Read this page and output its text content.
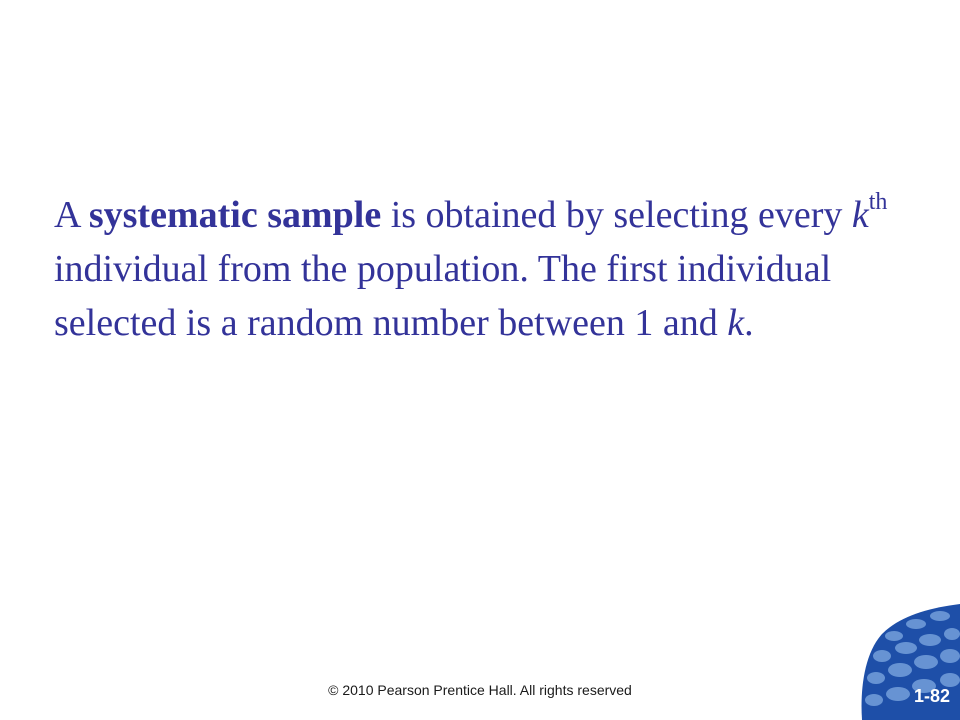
A systematic sample is obtained by selecting every $k^{th}$ individual from the population. The first individual selected is a random number between 1 and k.

© 2010 Pearson Prentice Hall. All rights reserved	1-82
